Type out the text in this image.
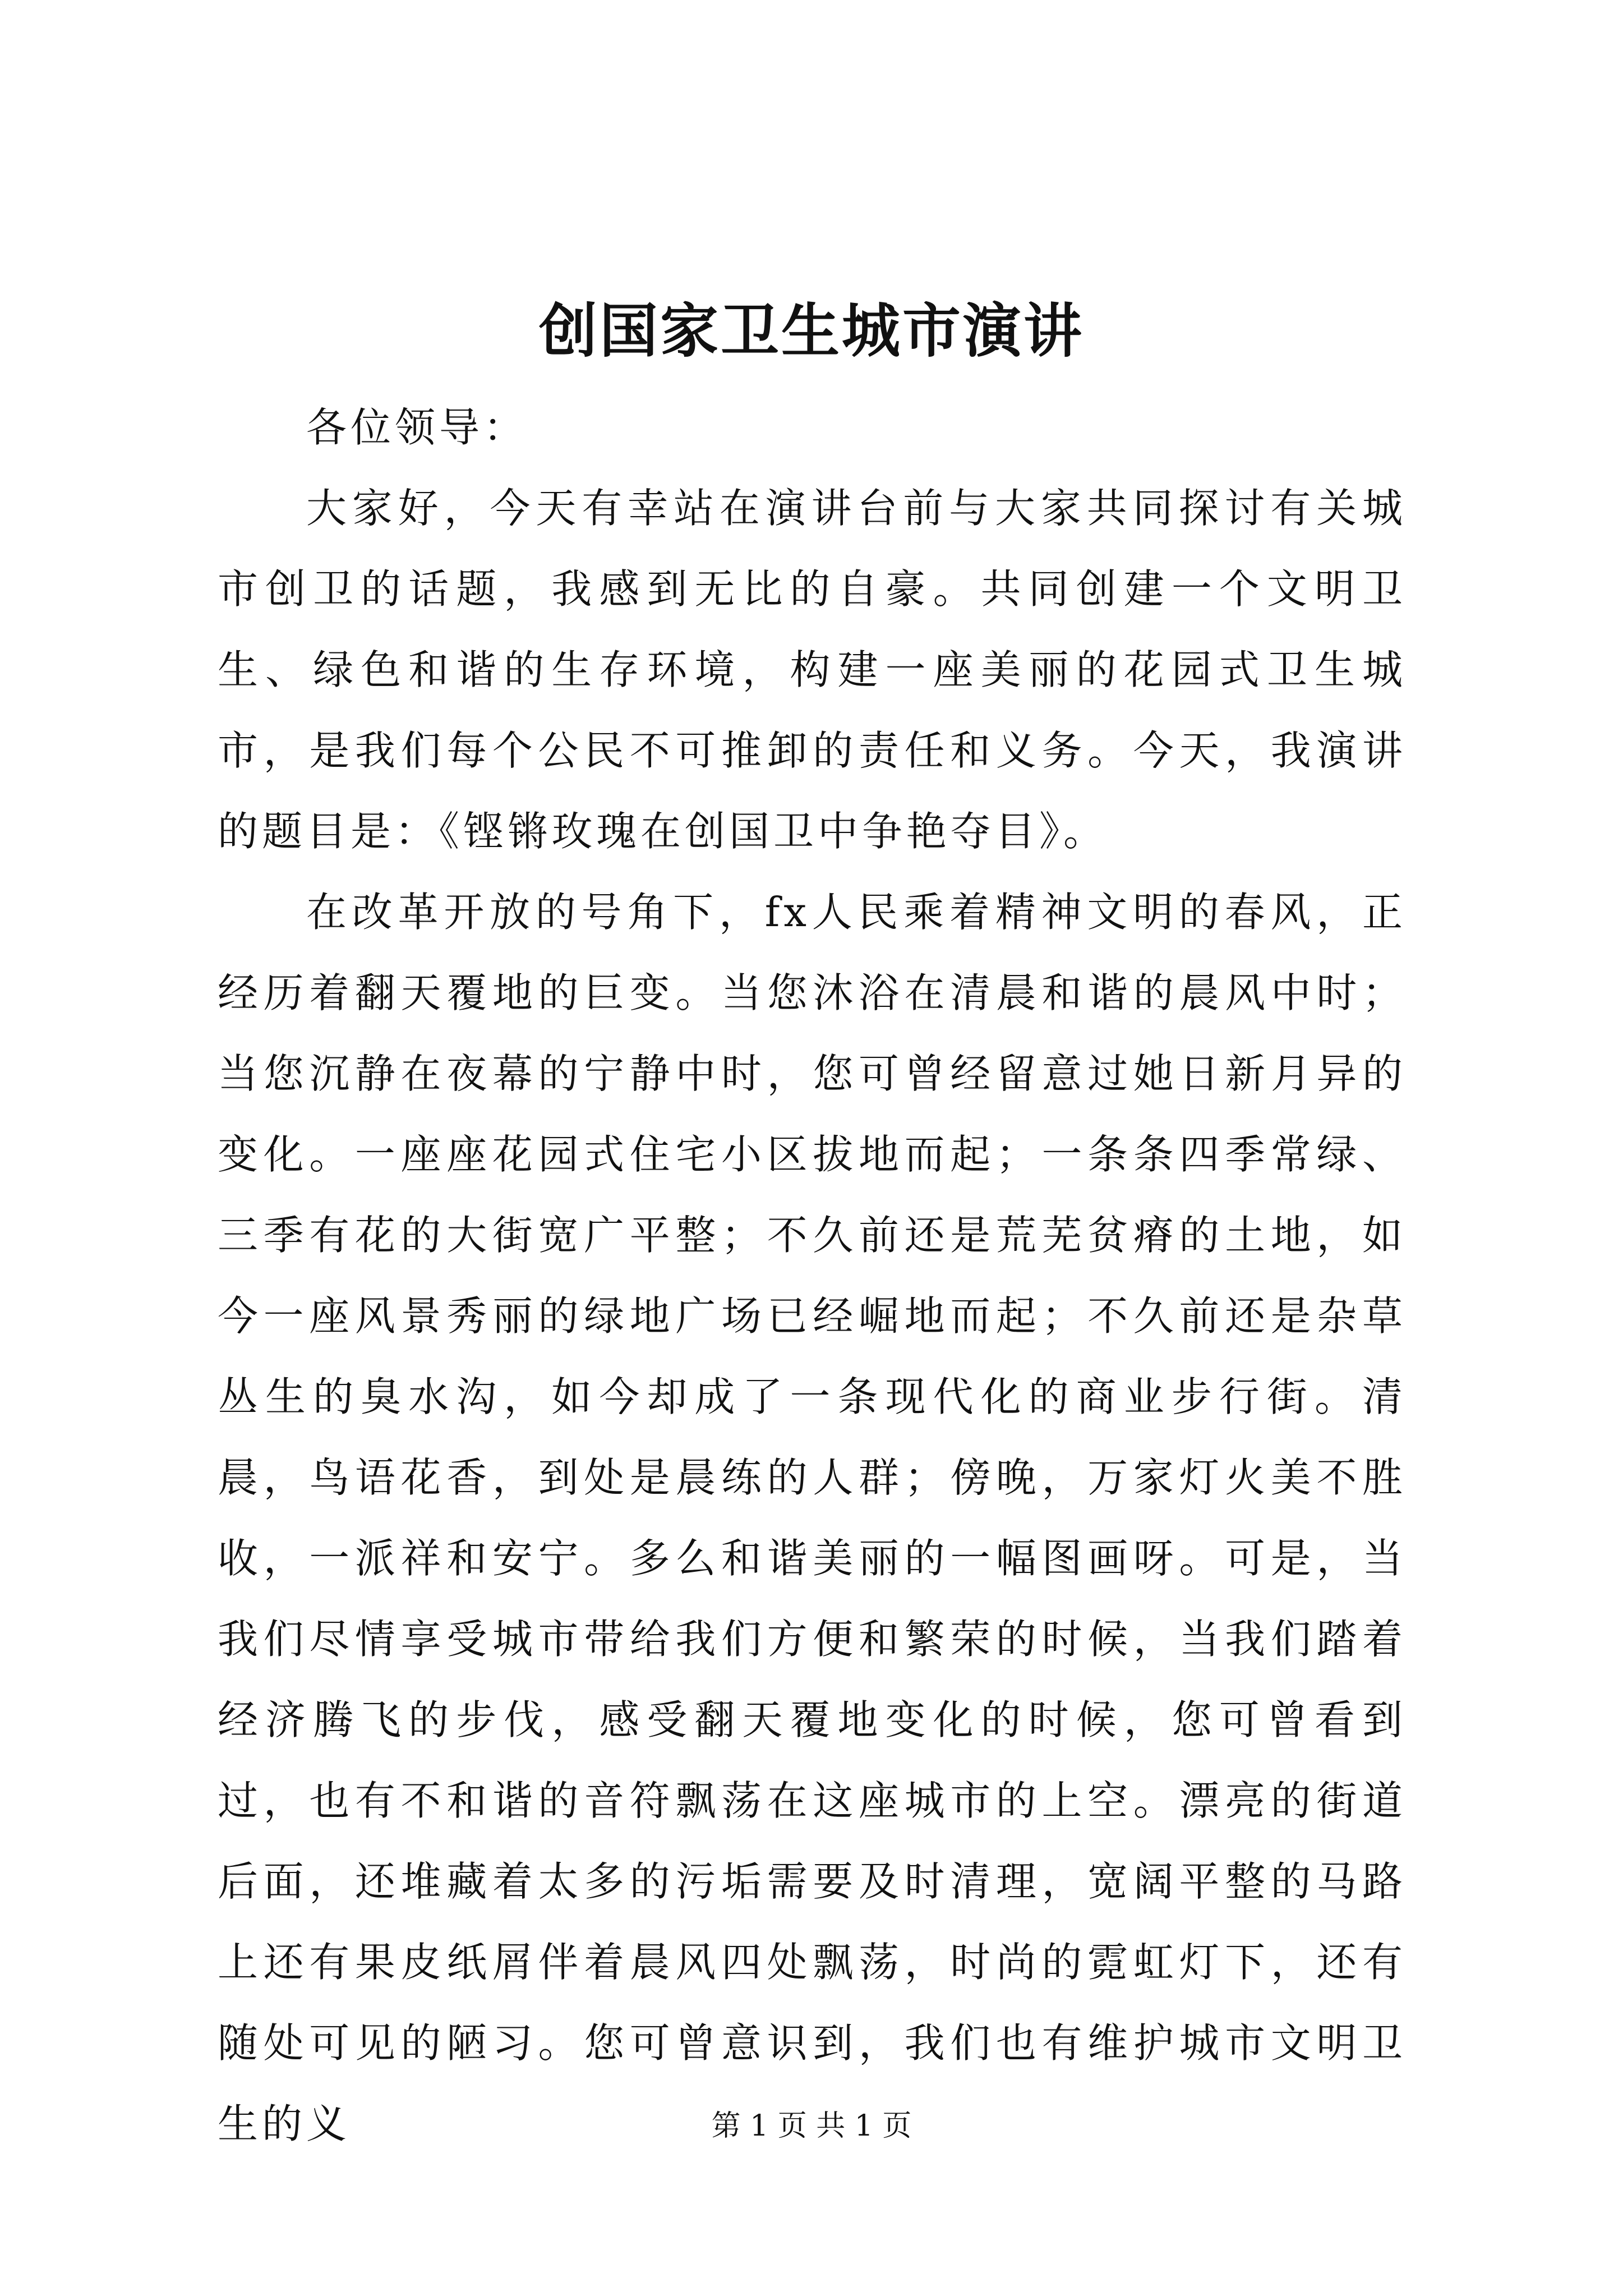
创国家卫生城市演讲

各位领导：

大家好，今天有幸站在演讲台前与大家共同探讨有关城市创卫的话题，我感到无比的自豪。共同创建一个文明卫生、绿色和谐的生存环境，构建一座美丽的花园式卫生城市，是我们每个公民不可推卸的责任和义务。今天，我演讲的题目是：《铿锵玫瑰在创国卫中争艳夺目》。

在改革开放的号角下，fx人民乘着精神文明的春风，正经历着翻天覆地的巨变。当您沐浴在清晨和谐的晨风中时；当您沉静在夜幕的宁静中时，您可曾经留意过她日新月异的变化。一座座花园式住宅小区拔地而起；一条条四季常绿、三季有花的大街宽广平整；不久前还是荒芜贫瘠的土地，如今一座风景秀丽的绿地广场已经崛地而起；不久前还是杂草丛生的臭水沟，如今却成了一条现代化的商业步行街。清晨，鸟语花香，到处是晨练的人群；傍晚，万家灯火美不胜收，一派祥和安宁。多么和谐美丽的一幅图画呀。可是，当我们尽情享受城市带给我们方便和繁荣的时候，当我们踏着经济腾飞的步伐，感受翻天覆地变化的时候，您可曾看到过，也有不和谐的音符飘荡在这座城市的上空。漂亮的街道后面，还堆藏着太多的污垢需要及时清理，宽阔平整的马路上还有果皮纸屑伴着晨风四处飘荡，时尚的霓虹灯下，还有随处可见的陋习。您可曾意识到，我们也有维护城市文明卫生的义	第 1 页 共 1 页
